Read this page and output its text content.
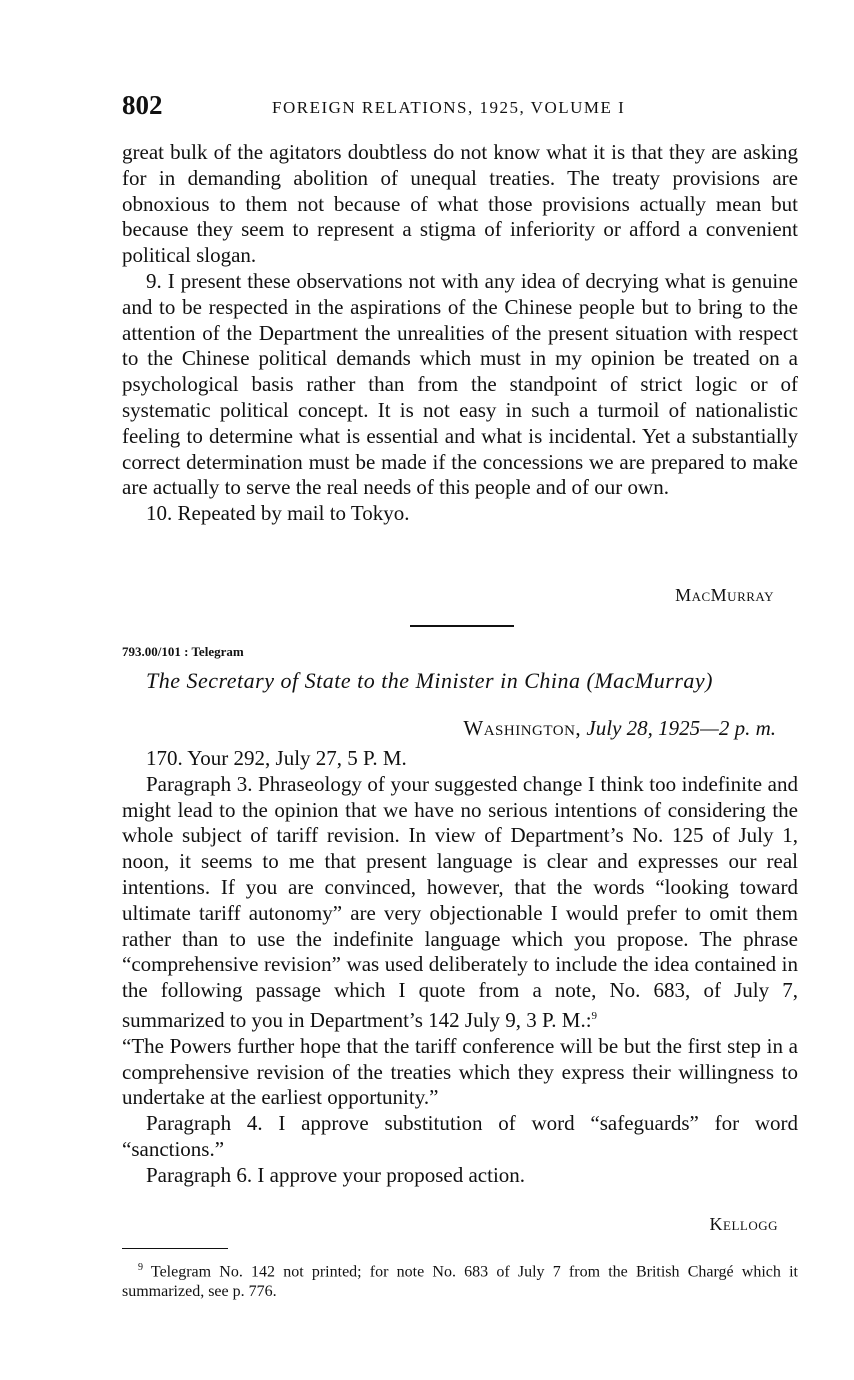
802	FOREIGN RELATIONS, 1925, VOLUME I

great bulk of the agitators doubtless do not know what it is that they are asking for in demanding abolition of unequal treaties. The treaty provisions are obnoxious to them not because of what those provisions actually mean but because they seem to represent a stigma of inferiority or afford a convenient political slogan.

9. I present these observations not with any idea of decrying what is genuine and to be respected in the aspirations of the Chinese people but to bring to the attention of the Department the unrealities of the present situation with respect to the Chinese political demands which must in my opinion be treated on a psychological basis rather than from the standpoint of strict logic or of systematic political concept. It is not easy in such a turmoil of nationalistic feeling to determine what is essential and what is incidental. Yet a substantially correct determination must be made if the concessions we are prepared to make are actually to serve the real needs of this people and of our own.

10. Repeated by mail to Tokyo.

MacMurray
793.00/101 : Telegram
The Secretary of State to the Minister in China (MacMurray)
Washington, July 28, 1925—2 p. m.

170. Your 292, July 27, 5 P. M.

Paragraph 3. Phraseology of your suggested change I think too indefinite and might lead to the opinion that we have no serious intentions of considering the whole subject of tariff revision. In view of Department’s No. 125 of July 1, noon, it seems to me that present language is clear and expresses our real intentions. If you are convinced, however, that the words “looking toward ultimate tariff autonomy” are very objectionable I would prefer to omit them rather than to use the indefinite language which you propose. The phrase “comprehensive revision” was used deliberately to include the idea contained in the following passage which I quote from a note, No. 683, of July 7, summarized to you in Department’s 142 July 9, 3 P. M.:$^9$

“The Powers further hope that the tariff conference will be but the first step in a comprehensive revision of the treaties which they express their willingness to undertake at the earliest opportunity.”

Paragraph 4. I approve substitution of word “safeguards” for word “sanctions.”

Paragraph 6. I approve your proposed action.

Kellogg
$^9$ Telegram No. 142 not printed; for note No. 683 of July 7 from the British Chargé which it summarized, see p. 776.
